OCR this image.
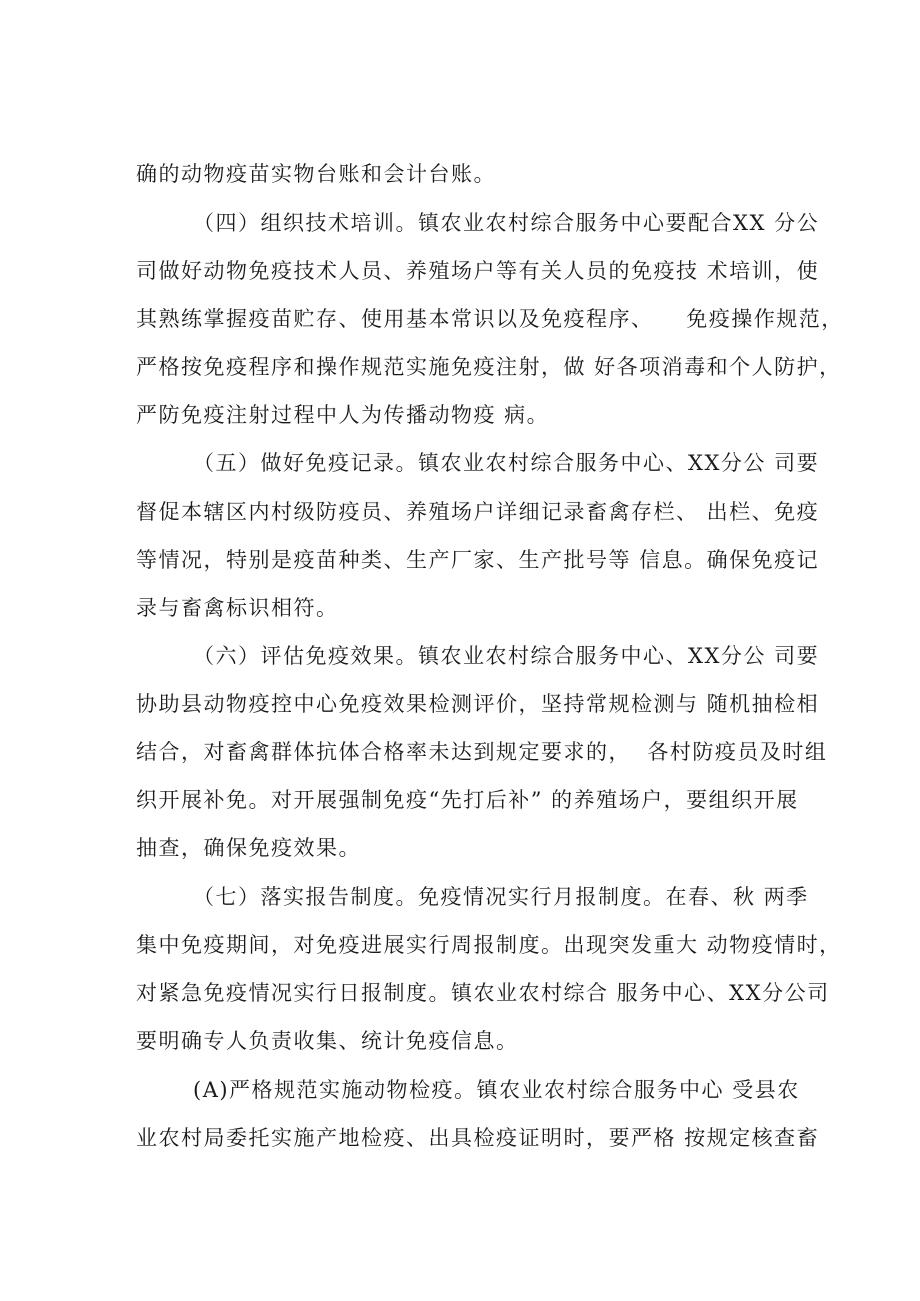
确的动物疫苗实物台账和会计台账。
（四）组织技术培训。镇农业农村综合服务中心要配合XX 分公
司做好动物免疫技术人员、养殖场户等有关人员的免疫技 术培训，使
其熟练掌握疫苗贮存、使用基本常识以及免疫程序、    免疫操作规范，
严格按免疫程序和操作规范实施免疫注射，做 好各项消毒和个人防护，
严防免疫注射过程中人为传播动物疫 病。
（五）做好免疫记录。镇农业农村综合服务中心、XX分公 司要
督促本辖区内村级防疫员、养殖场户详细记录畜禽存栏、 出栏、免疫
等情况，特别是疫苗种类、生产厂家、生产批号等 信息。确保免疫记
录与畜禽标识相符。
（六）评估免疫效果。镇农业农村综合服务中心、XX分公 司要
协助县动物疫控中心免疫效果检测评价，坚持常规检测与 随机抽检相
结合，对畜禽群体抗体合格率未达到规定要求的，  各村防疫员及时组
织开展补免。对开展强制免疫“先打后补” 的养殖场户，要组织开展
抽查，确保免疫效果。
（七）落实报告制度。免疫情况实行月报制度。在春、秋 两季
集中免疫期间，对免疫进展实行周报制度。出现突发重大 动物疫情时，
对紧急免疫情况实行日报制度。镇农业农村综合 服务中心、XX分公司
要明确专人负责收集、统计免疫信息。
(A)严格规范实施动物检疫。镇农业农村综合服务中心 受县农
业农村局委托实施产地检疫、出具检疫证明时，要严格 按规定核查畜
